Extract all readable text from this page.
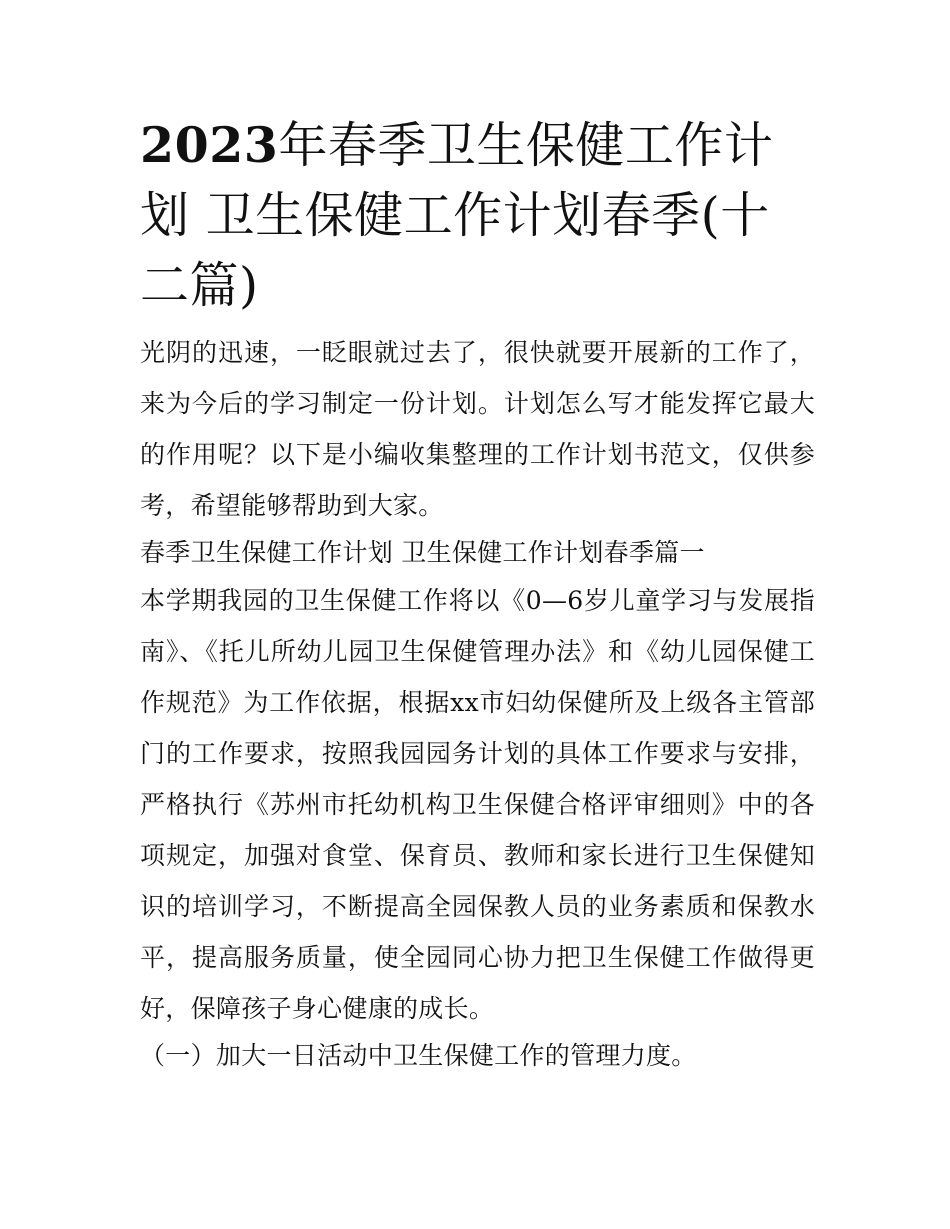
2023年春季卫生保健工作计划 卫生保健工作计划春季(十二篇)

光阴的迅速，一眨眼就过去了，很快就要开展新的工作了，来为今后的学习制定一份计划。计划怎么写才能发挥它最大的作用呢？以下是小编收集整理的工作计划书范文，仅供参考，希望能够帮助到大家。

春季卫生保健工作计划 卫生保健工作计划春季篇一

本学期我园的卫生保健工作将以《0—6岁儿童学习与发展指南》、《托儿所幼儿园卫生保健管理办法》和《幼儿园保健工作规范》为工作依据，根据xx市妇幼保健所及上级各主管部门的工作要求，按照我园园务计划的具体工作要求与安排，严格执行《苏州市托幼机构卫生保健合格评审细则》中的各项规定，加强对食堂、保育员、教师和家长进行卫生保健知识的培训学习，不断提高全园保教人员的业务素质和保教水平，提高服务质量，使全园同心协力把卫生保健工作做得更好，保障孩子身心健康的成长。

（一）加大一日活动中卫生保健工作的管理力度。
